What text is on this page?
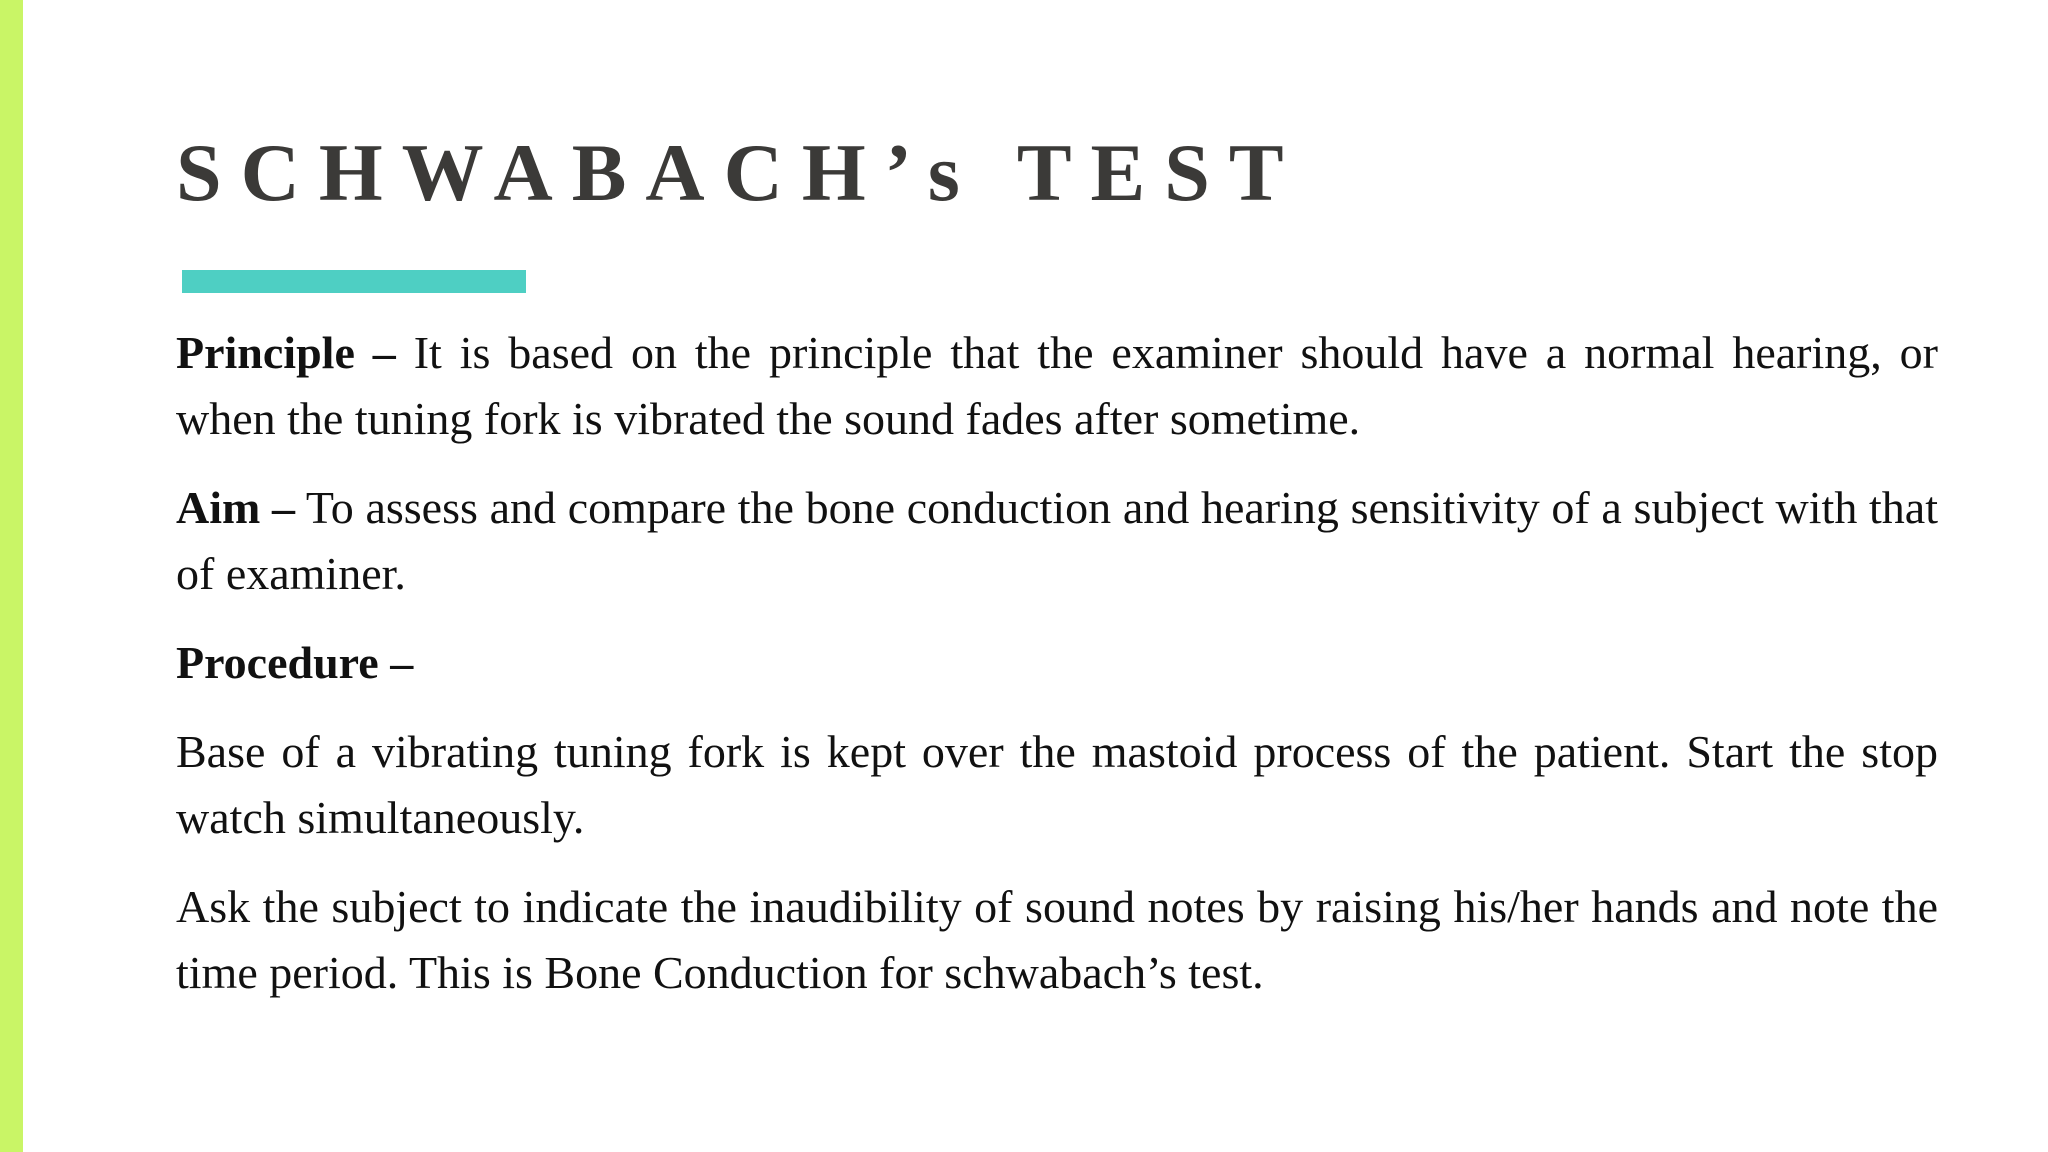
SCHWABACH’s TEST

Principle – It is based on the principle that the examiner should have a normal hearing, or when the tuning fork is vibrated the sound fades after sometime.

Aim – To assess and compare the bone conduction and hearing sensitivity of a subject with that of examiner.

Procedure –

Base of a vibrating tuning fork is kept over the mastoid process of the patient. Start the stop watch simultaneously.

Ask the subject to indicate the inaudibility of sound notes by raising his/her hands and note the time period. This is Bone Conduction for schwabach’s test.
